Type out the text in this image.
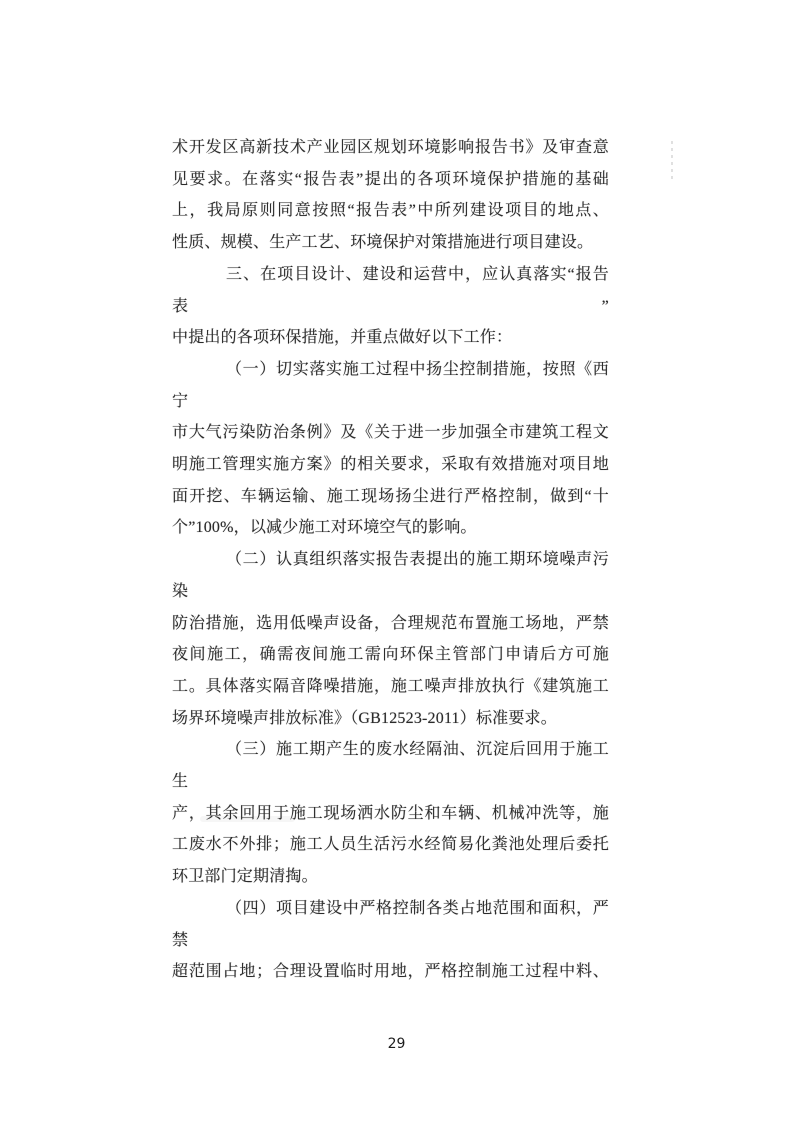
术开发区高新技术产业园区规划环境影响报告书》及审查意
见要求。在落实“报告表”提出的各项环境保护措施的基础
上，我局原则同意按照“报告表”中所列建设项目的地点、
性质、规模、生产工艺、环境保护对策措施进行项目建设。
三、在项目设计、建设和运营中，应认真落实“报告表”
中提出的各项环保措施，并重点做好以下工作：
（一）切实落实施工过程中扬尘控制措施，按照《西宁
市大气污染防治条例》及《关于进一步加强全市建筑工程文
明施工管理实施方案》的相关要求，采取有效措施对项目地
面开挖、车辆运输、施工现场扬尘进行严格控制，做到“十
个”100%，以减少施工对环境空气的影响。
（二）认真组织落实报告表提出的施工期环境噪声污染
防治措施，选用低噪声设备，合理规范布置施工场地，严禁
夜间施工，确需夜间施工需向环保主管部门申请后方可施
工。具体落实隔音降噪措施，施工噪声排放执行《建筑施工
场界环境噪声排放标准》（GB12523-2011）标准要求。
（三）施工期产生的废水经隔油、沉淀后回用于施工生
产，其余回用于施工现场洒水防尘和车辆、机械冲洗等，施
工废水不外排；施工人员生活污水经简易化粪池处理后委托
环卫部门定期清掏。
（四）项目建设中严格控制各类占地范围和面积，严禁
超范围占地；合理设置临时用地，严格控制施工过程中料、
29
